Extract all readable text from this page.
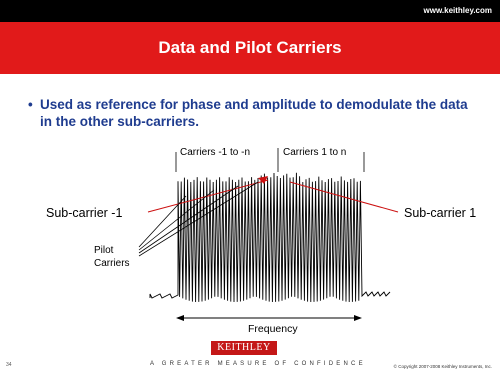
www.keithley.com
Data and Pilot Carriers
• Used as reference for phase and amplitude to demodulate the data in the other sub-carriers.
Carriers -1 to -n	Carriers 1 to n
Sub-carrier -1	Sub-carrier 1
Pilot Carriers
Frequency
34
KEITHLEY
A GREATER MEASURE OF CONFIDENCE	© Copyright 2007-2008 Keithley Instruments, Inc.
